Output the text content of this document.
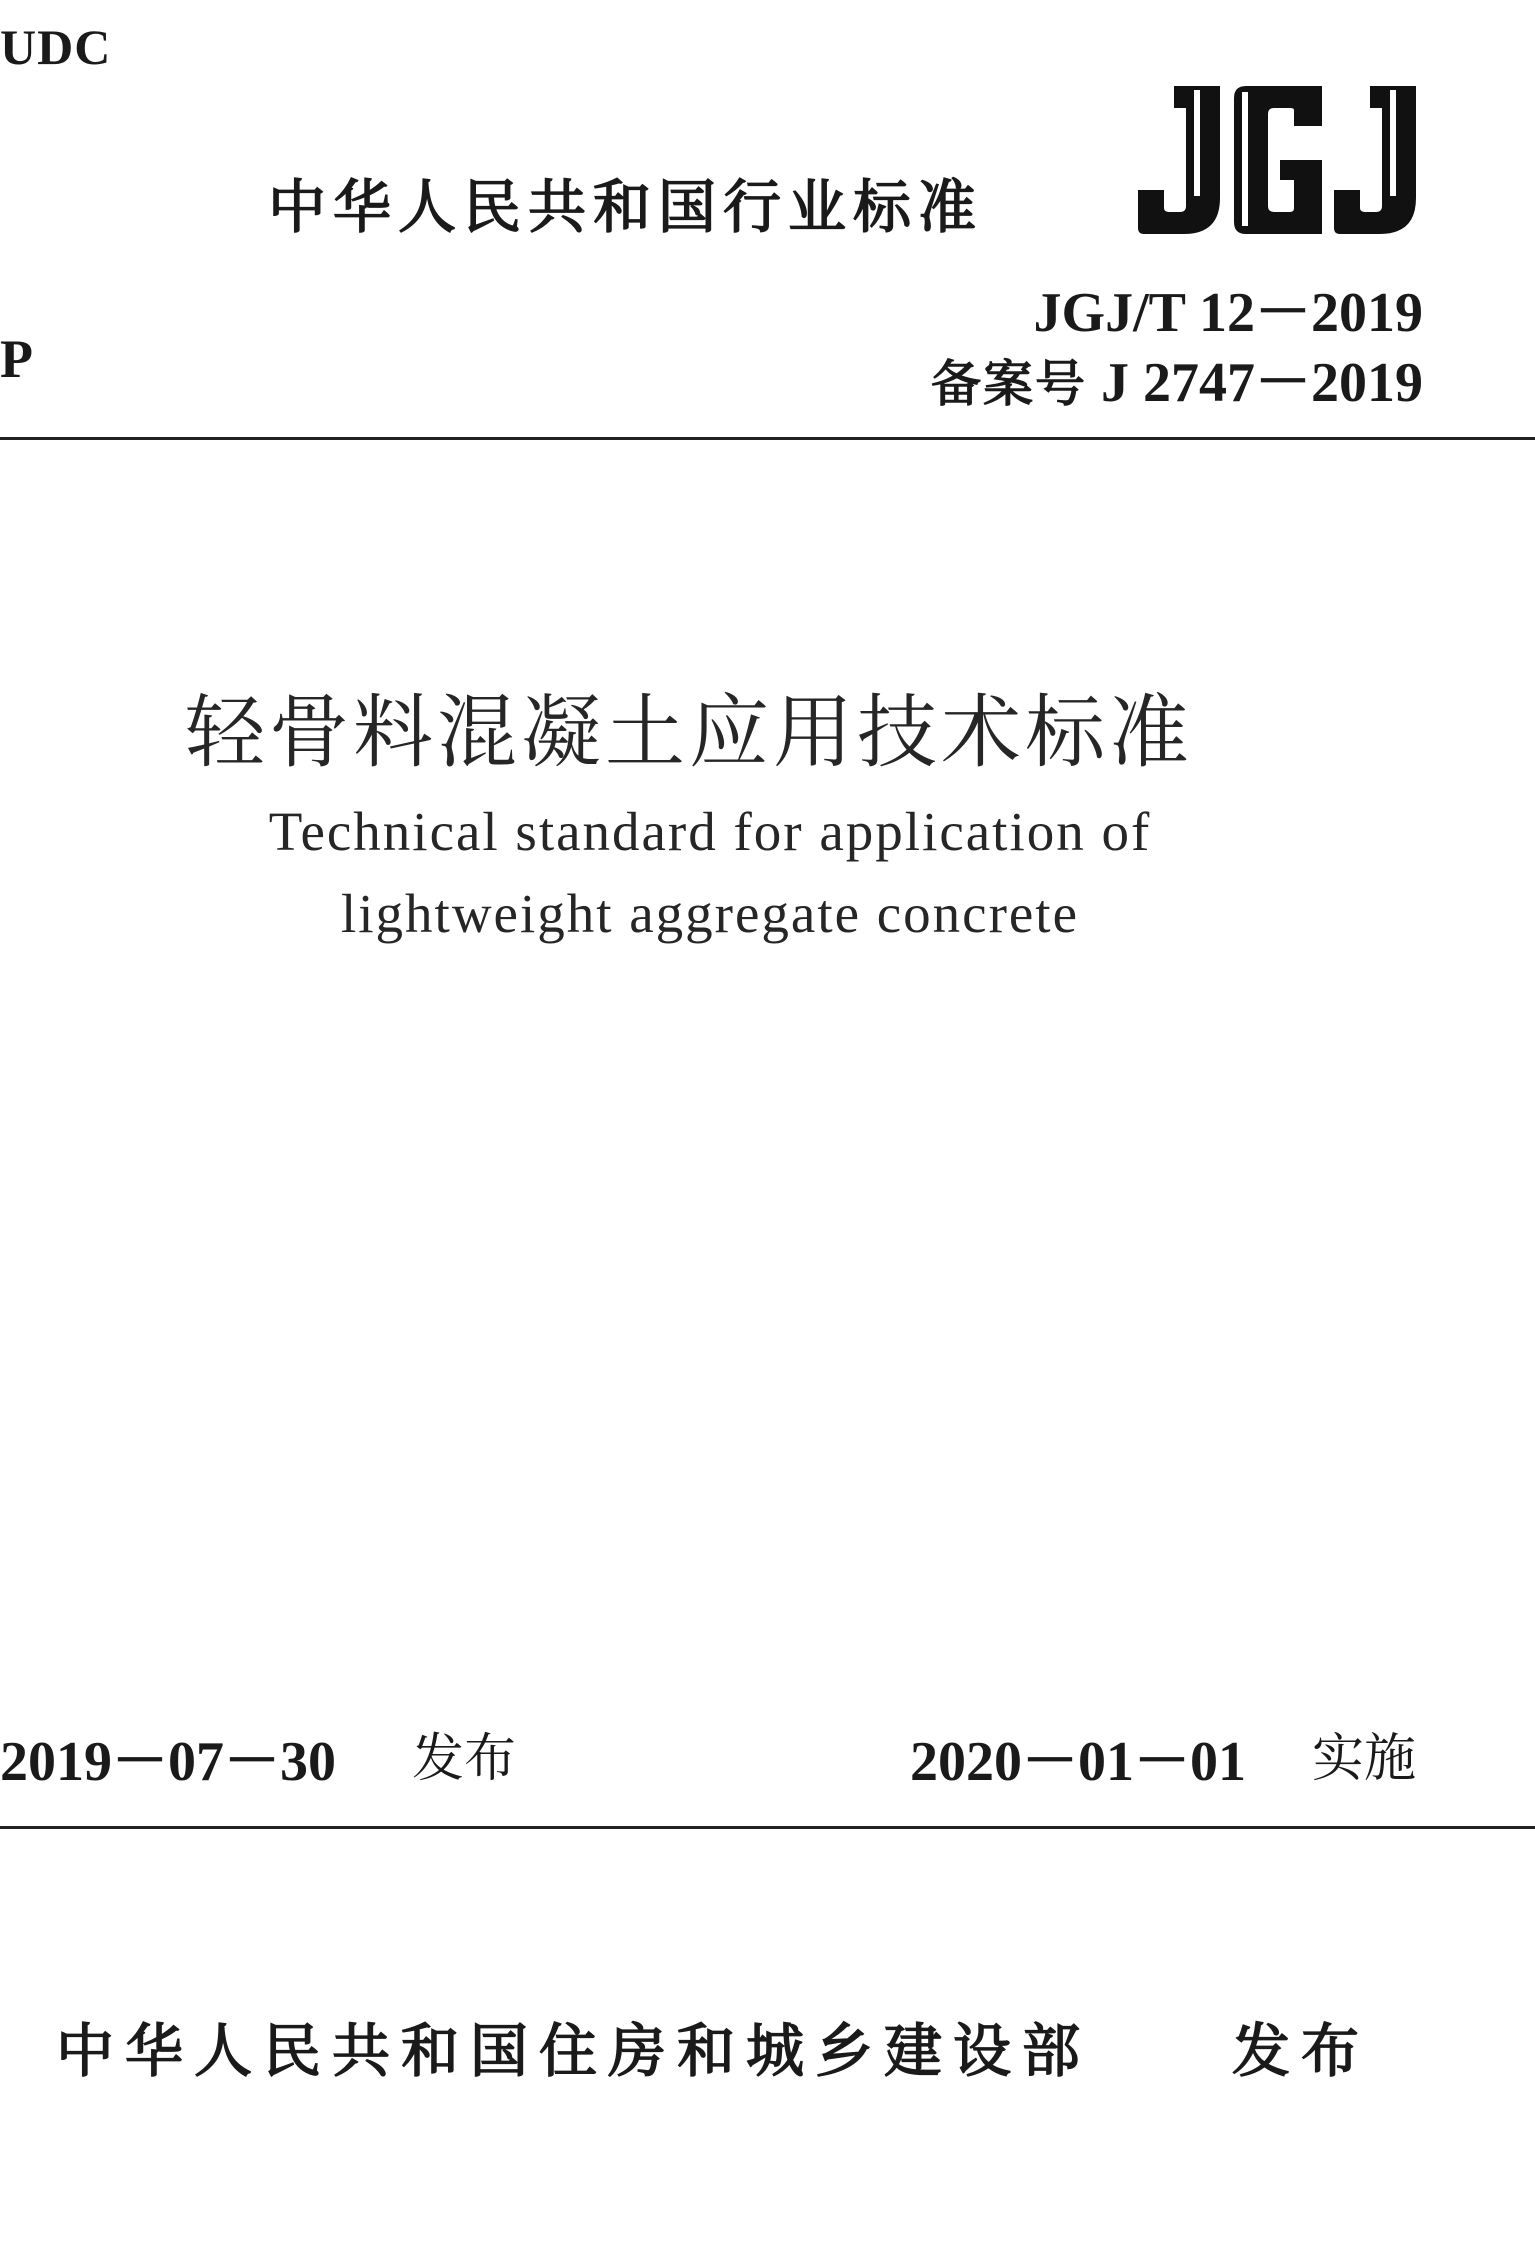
UDC
P
中华人民共和国行业标准
JGJ/T 12－2019
备案号 J 2747－2019
轻骨料混凝土应用技术标准
Technical standard for application of
lightweight aggregate concrete
2019－07－30 发布	2020－01－01 实施
中华人民共和国住房和城乡建设部 发布
